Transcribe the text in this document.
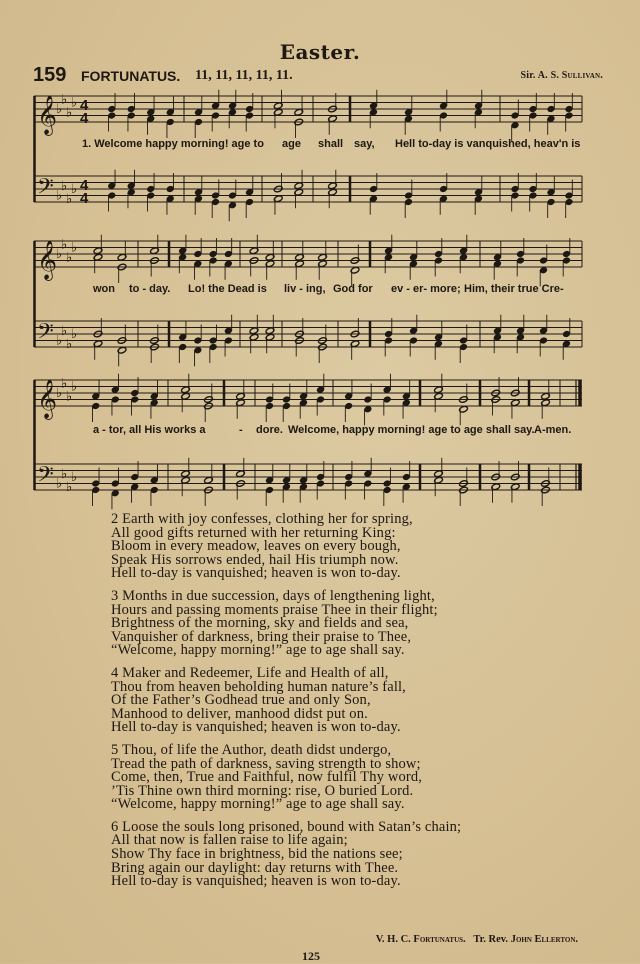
Easter.
159 FORTUNATUS. 11, 11, 11, 11, 11.	Sir. A. S. Sullivan.
𝄞
𝄢
♭
♭
♭
♭
♭
♭
♭
♭
4
4
4
4
1. Welcome happy morning! age to age shall say, Hell to-day is vanquished, heav'n is
𝄞
𝄢
♭
♭
♭
♭
♭
♭
♭
♭
won to - day. Lo! the Dead is liv - ing, God for ev - er- more; Him, their true Cre-
𝄞
𝄢
♭
♭
♭
♭
♭
♭
♭
♭
a - tor, all His works a	- dore. Welcome, happy morning! age to age shall say. A-men.
2 Earth with joy confesses, clothing her for spring,
All good gifts returned with her returning King:
Bloom in every meadow, leaves on every bough,
Speak His sorrows ended, hail His triumph now.
Hell to-day is vanquished; heaven is won to-day.
3 Months in due succession, days of lengthening light,
Hours and passing moments praise Thee in their flight;
Brightness of the morning, sky and fields and sea,
Vanquisher of darkness, bring their praise to Thee,
“Welcome, happy morning!” age to age shall say.
4 Maker and Redeemer, Life and Health of all,
Thou from heaven beholding human nature’s fall,
Of the Father’s Godhead true and only Son,
Manhood to deliver, manhood didst put on.
Hell to-day is vanquished; heaven is won to-day.
5 Thou, of life the Author, death didst undergo,
Tread the path of darkness, saving strength to show;
Come, then, True and Faithful, now fulfil Thy word,
’Tis Thine own third morning: rise, O buried Lord.
“Welcome, happy morning!” age to age shall say.
6 Loose the souls long prisoned, bound with Satan’s chain;
All that now is fallen raise to life again;
Show Thy face in brightness, bid the nations see;
Bring again our daylight: day returns with Thee.
Hell to-day is vanquished; heaven is won to-day.
V. H. C. Fortunatus. Tr. Rev. John Ellerton.
125
